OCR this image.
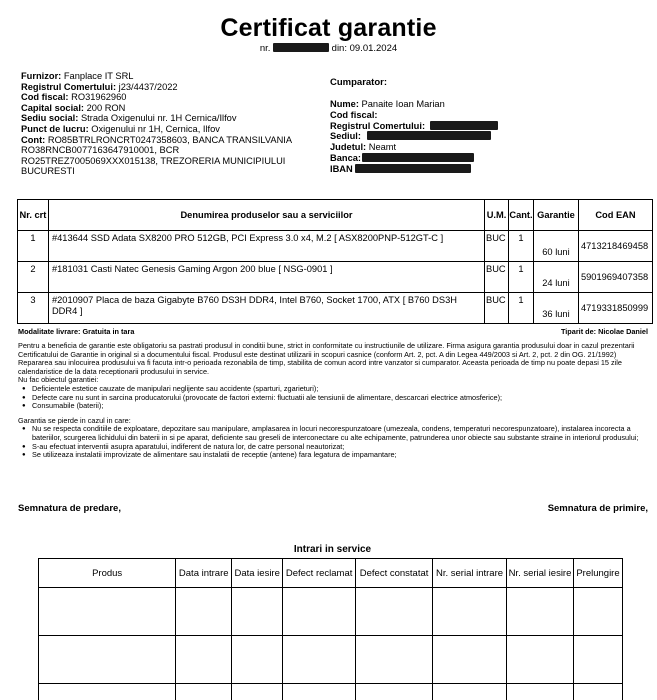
Certificat garantie
nr.	din: 09.01.2024
Furnizor: Fanplace IT SRL
Registrul Comertului: j23/4437/2022
Cod fiscal: RO31962960
Capital social: 200 RON
Sediu social: Strada Oxigenului nr. 1H Cernica/Ilfov
Punct de lucru: Oxigenului nr 1H, Cernica, Ilfov
Cont: RO85BTRLRONCRT0247358603, BANCA TRANSILVANIA
RO38RNCB0077163647910001, BCR
RO25TREZ7005069XXX015138, TREZORERIA MUNICIPIULUI
BUCURESTI
Cumparator:
Nume: Panaite Ioan Marian
Cod fiscal:
Registrul Comertului:
Sediul:
Judetul: Neamt
Banca:
IBAN
Nr. crt	Denumirea produselor sau a serviciilor	U.M.	Cant.	Garantie	Cod EAN
1	#413644 SSD Adata SX8200 PRO 512GB, PCI Express 3.0 x4, M.2 [ ASX8200PNP-512GT-C ]	BUC	1	60 luni	4713218469458
2	#181031 Casti Natec Genesis Gaming Argon 200 blue [ NSG-0901 ]	BUC	1	24 luni	5901969407358
3	#2010907 Placa de baza Gigabyte B760 DS3H DDR4, Intel B760, Socket 1700, ATX [ B760 DS3H DDR4 ]	BUC	1	36 luni	4719331850999
Modalitate livrare: Gratuita in tara	Tiparit de: Nicolae Daniel

Pentru a beneficia de garantie este obligatoriu sa pastrati produsul in conditii bune, strict in conformitate cu instructiunile de utilizare. Firma asigura garantia produsului doar in cazul prezentarii Certificatului de Garantie in original si a documentului fiscal. Produsul este destinat utilizarii in scopuri casnice (conform Art. 2, pct. A din Legea 449/2003 si Art. 2, pct. 2 din OG. 21/1992) Repararea sau inlocuirea produsului va fi facuta intr-o perioada rezonabila de timp, stabilita de comun acord intre vanzator si cumparator. Aceasta perioada de timp nu poate depasi 15 zile calendaristice de la data receptionarii produsului in service.

Nu fac obiectul garantiei:

● Deficientele estetice cauzate de manipulari neglijente sau accidente (sparturi, zgarieturi);
● Defecte care nu sunt in sarcina producatorului (provocate de factori externi: fluctuatii ale tensiunii de alimentare, descarcari electrice atmosferice);
● Consumabile (baterii);

Garantia se pierde in cazul in care:

● Nu se respecta conditiile de exploatare, depozitare sau manipulare, amplasarea in locuri necorespunzatoare (umezeala, condens, temperaturi necorespunzatoare), instalarea incorecta a bateriilor, scurgerea lichidului din baterii in si pe aparat, deficiente sau greseli de interconectare cu alte echipamente, patrunderea unor obiecte sau substante straine in interiorul produsului;
● S-au efectuat interventii asupra aparatului, indiferent de natura lor, de catre personal neautorizat;
● Se utilizeaza instalatii improvizate de alimentare sau instalatii de receptie (antene) fara legatura de impamantare;
Semnatura de predare,	Semnatura de primire,
Intrari in service
Produs	Data intrare	Data iesire	Defect reclamat	Defect constatat	Nr. serial intrare	Nr. serial iesire	Prelungire
